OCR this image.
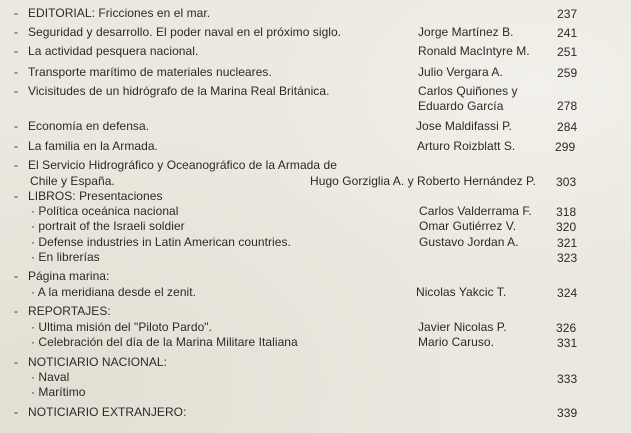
- EDITORIAL: Fricciones en el mar.	237
- Seguridad y desarrollo. El poder naval en el próximo siglo.	Jorge Martínez B.	241
- La actividad pesquera nacional.	Ronald MacIntyre M. 251
- Transporte marítimo de materiales nucleares.	Julio Vergara A.	259
- Vicisitudes de un hidrógrafo de la Marina Real Británica.	Carlos Quiñones y
Eduardo García	278
- Economía en defensa.	Jose Maldifassi P.	284
- La familia en la Armada.	Arturo Roizblatt S.	299
- El Servicio Hidrográfico y Oceanográfico de la Armada de
Chile y España.	Hugo Gorziglia A. y Roberto Hernández P. 303
- LIBROS: Presentaciones
· Política oceánica nacional	Carlos Valderrama F. 318
· portrait of the Israeli soldier	Omar Gutiérrez V.	320
· Defense industries in Latin American countries.	Gustavo Jordan A.	321
· En librerías	323
- Página marina:
· A la meridiana desde el zenit.	Nicolas Yakcic T.	324
- REPORTAJES:
· Ultima misión del "Piloto Pardo".	Javier Nicolas P.	326
· Celebración del día de la Marina Militare Italiana	Mario Caruso.	331
- NOTICIARIO NACIONAL:
· Naval	333
· Marítimo
- NOTICIARIO EXTRANJERO:	339
